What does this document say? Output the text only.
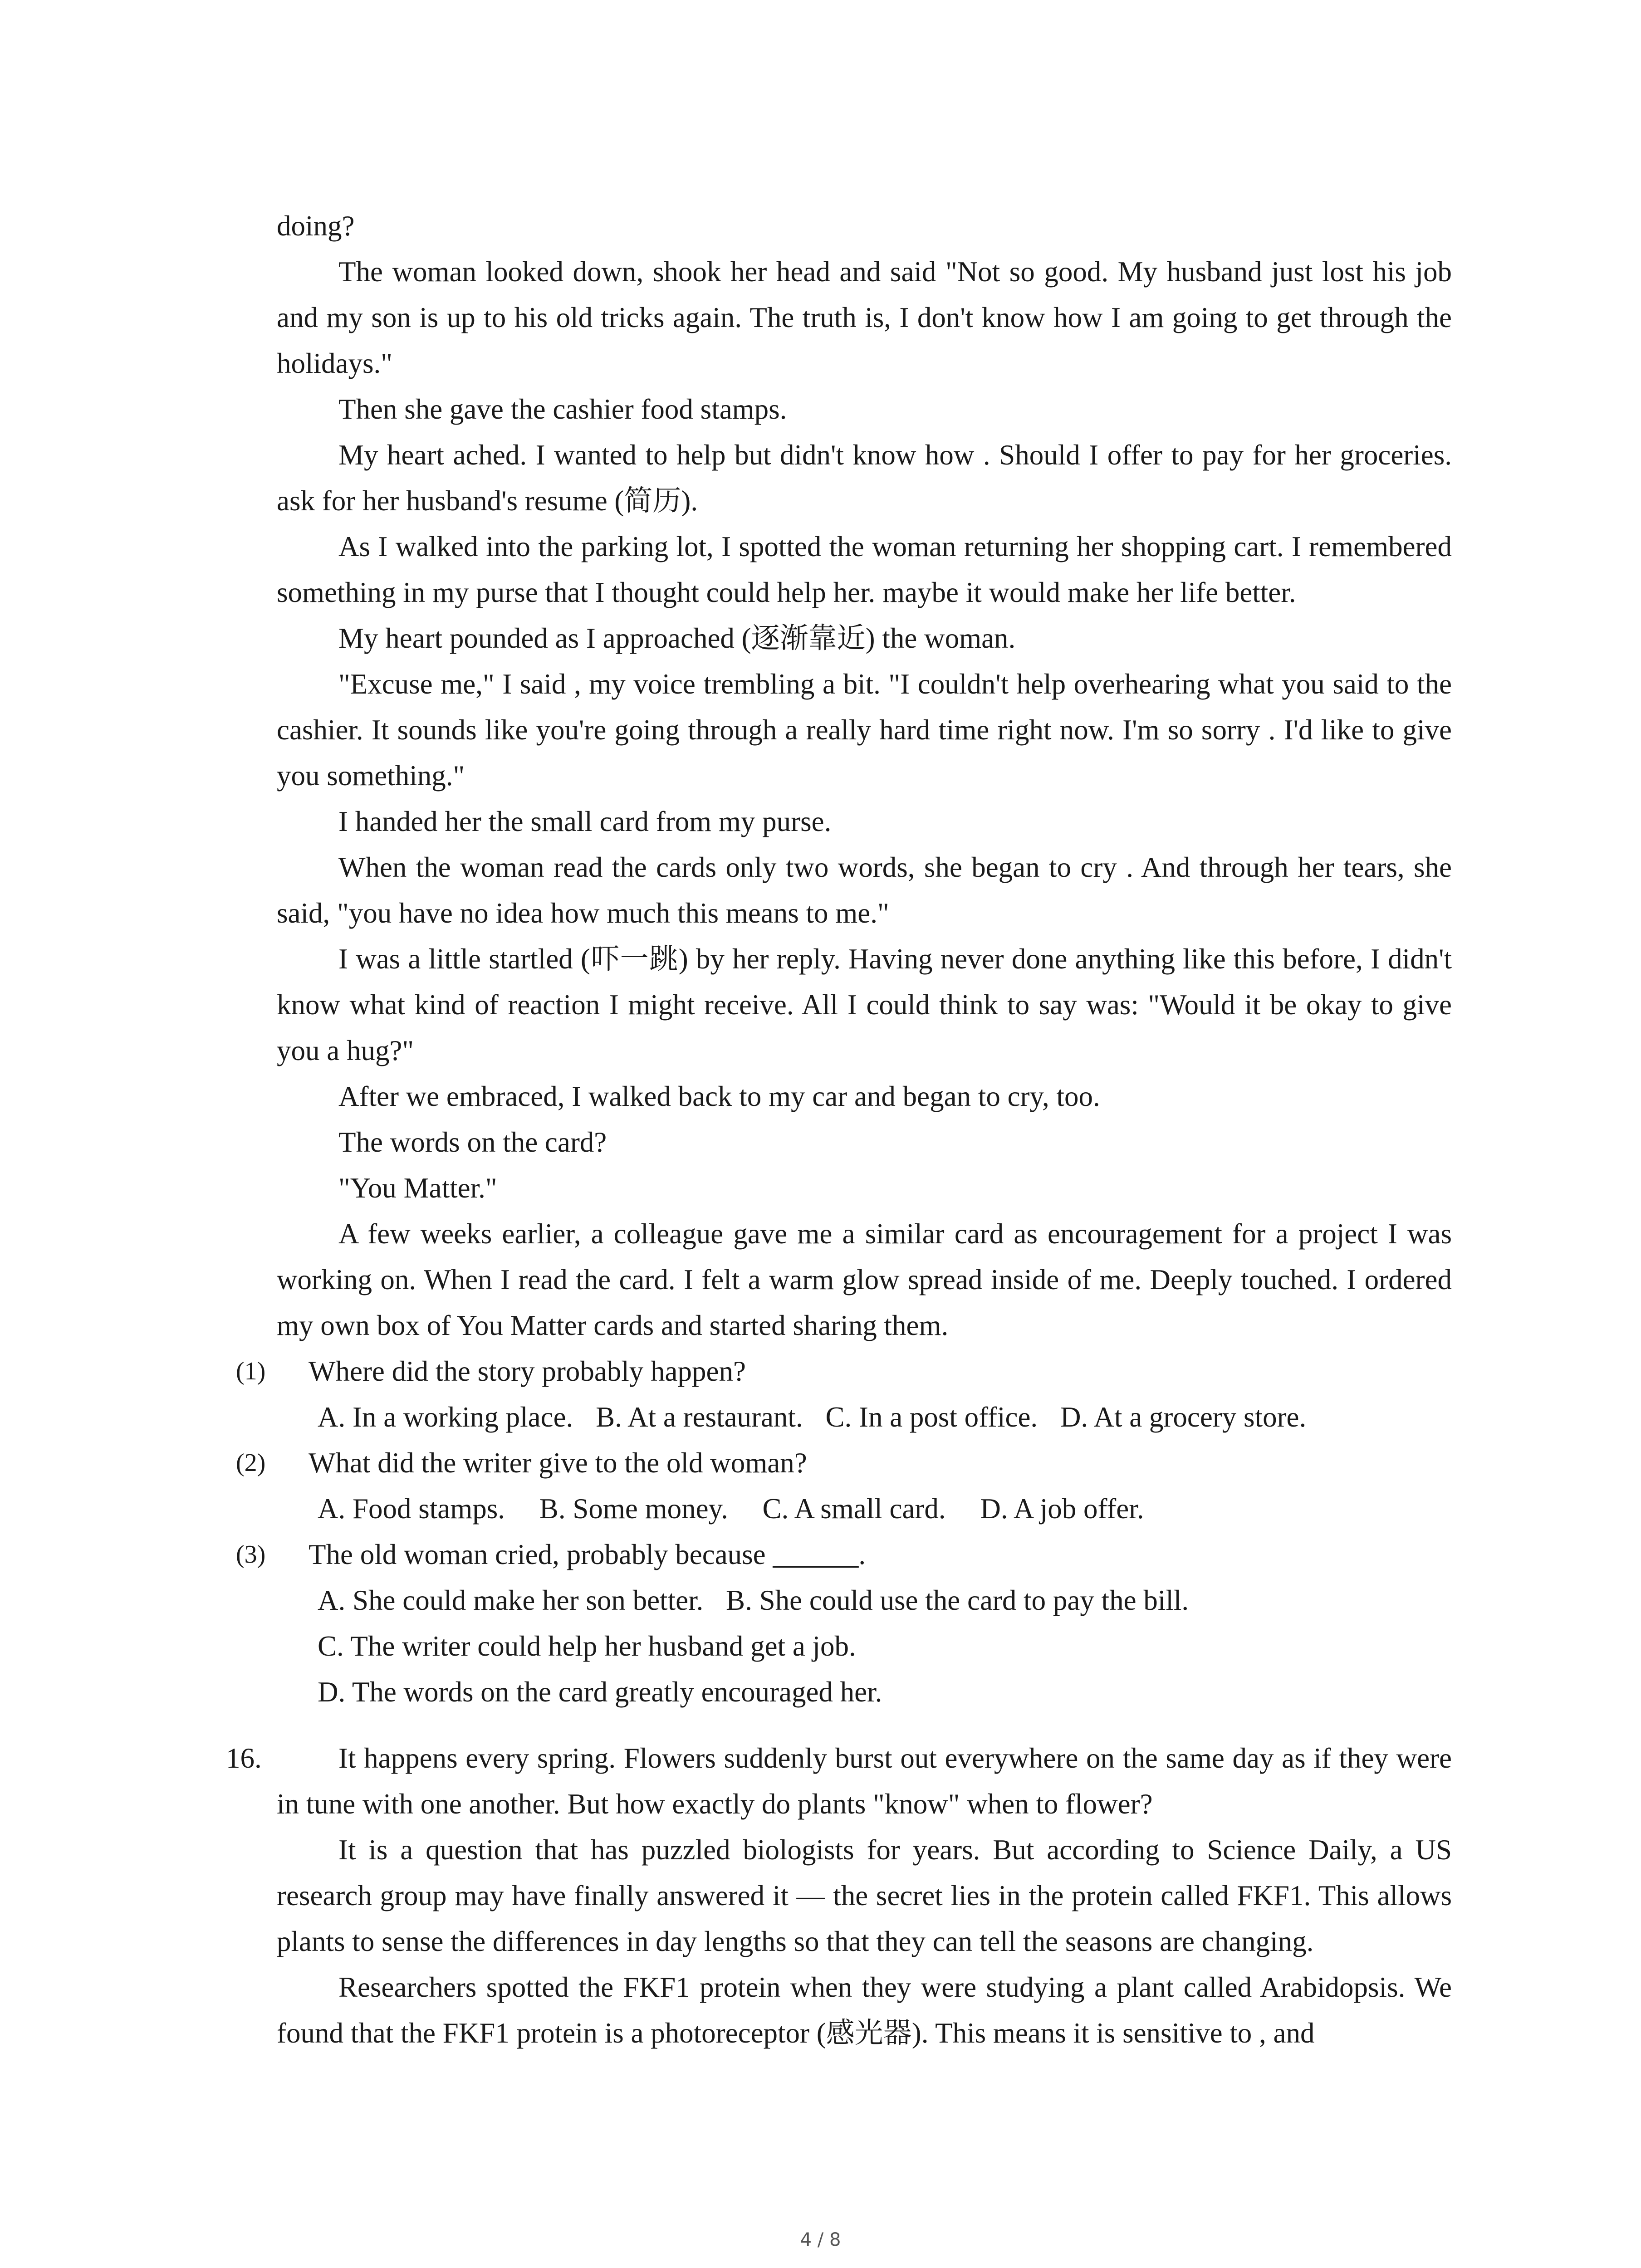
doing?

The woman looked down, shook her head and said "Not so good. My husband just lost his job and my son is up to his old tricks again. The truth is, I don't know how I am going to get through the holidays."

Then she gave the cashier food stamps.

My heart ached. I wanted to help but didn't know how . Should I offer to pay for her groceries. ask for her husband's resume (简历).

As I walked into the parking lot, I spotted the woman returning her shopping cart. I remembered something in my purse that I thought could help her. maybe it would make her life better.

My heart pounded as I approached (逐渐靠近) the woman.

"Excuse me," I said , my voice trembling a bit. "I couldn't help overhearing what you said to the cashier. It sounds like you're going through a really hard time right now. I'm so sorry . I'd like to give you something."

I handed her the small card from my purse.

When the woman read the cards only two words, she began to cry . And through her tears, she said, "you have no idea how much this means to me."

I was a little startled (吓一跳) by her reply. Having never done anything like this before, I didn't know what kind of reaction I might receive. All I could think to say was: "Would it be okay to give you a hug?"

After we embraced, I walked back to my car and began to cry, too.

The words on the card?

"You Matter."

A few weeks earlier, a colleague gave me a similar card as encouragement for a project I was working on. When I read the card. I felt a warm glow spread inside of me. Deeply touched. I ordered my own box of You Matter cards and started sharing them.

(1) Where did the story probably happen?

A. In a working place. B. At a restaurant. C. In a post office. D. At a grocery store.

(2) What did the writer give to the old woman?

A. Food stamps. B. Some money. C. A small card. D. A job offer.

(3) The old woman cried, probably because ______.

A. She could make her son better. B. She could use the card to pay the bill.

C. The writer could help her husband get a job.

D. The words on the card greatly encouraged her.

16.	It happens every spring. Flowers suddenly burst out everywhere on the same day as if they were in tune with one another. But how exactly do plants "know" when to flower?

It is a question that has puzzled biologists for years. But according to Science Daily, a US research group may have finally answered it — the secret lies in the protein called FKF1. This allows plants to sense the differences in day lengths so that they can tell the seasons are changing.

Researchers spotted the FKF1 protein when they were studying a plant called Arabidopsis. We found that the FKF1 protein is a photoreceptor (感光器). This means it is sensitive to , and

4 / 8
